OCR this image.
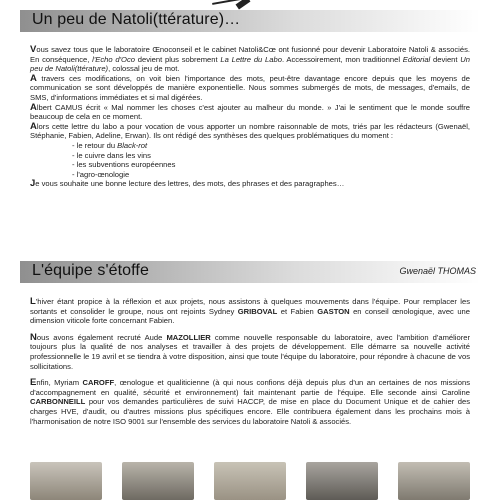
Un peu de Natoli(ttérature)…

Vous savez tous que le laboratoire Œnoconseil et le cabinet Natoli&Cœ ont fusionné pour devenir Laboratoire Natoli & associés. En conséquence, l'Echo d'Oco devient plus sobrement La Lettre du Labo. Accessoirement, mon traditionnel Editorial devient Un peu de Natoli(ttérature), colossal jeu de mot.

A travers ces modifications, on voit bien l'importance des mots, peut-être davantage encore depuis que les moyens de communication se sont développés de manière exponentielle. Nous sommes submergés de mots, de messages, d'emails, de SMS, d'informations immédiates et si mal digérées.

Albert CAMUS écrit « Mal nommer les choses c'est ajouter au malheur du monde. » J'ai le sentiment que le monde souffre beaucoup de cela en ce moment.

Alors cette lettre du labo a pour vocation de vous apporter un nombre raisonnable de mots, triés par les rédacteurs (Gwenaël, Stéphanie, Fabien, Adeline, Erwan). Ils ont rédigé des synthèses des quelques problématiques du moment :

- le retour du Black-rot
- le cuivre dans les vins
- les subventions européennes
- l'agro-œnologie

Je vous souhaite une bonne lecture des lettres, des mots, des phrases et des paragraphes…

L'équipe s'étoffe	Gwenaël THOMAS

L'hiver étant propice à la réflexion et aux projets, nous assistons à quelques mouvements dans l'équipe. Pour remplacer les sortants et consolider le groupe, nous ont rejoints Sydney GRIBOVAL et Fabien GASTON en conseil œnologique, avec une dimension viticole forte concernant Fabien.

Nous avons également recruté Aude MAZOLLIER comme nouvelle responsable du laboratoire, avec l'ambition d'améliorer toujours plus la qualité de nos analyses et travailler à des projets de développement. Elle démarre sa nouvelle activité professionnelle le 19 avril et se tiendra à votre disposition, ainsi que toute l'équipe du laboratoire, pour répondre à chacune de vos sollicitations.

Enfin, Myriam CAROFF, œnologue et qualiticienne (à qui nous confions déjà depuis plus d'un an certaines de nos missions d'accompagnement en qualité, sécurité et environnement) fait maintenant partie de l'équipe. Elle seconde ainsi Caroline CARBONNEILL pour vos demandes particulières de suivi HACCP, de mise en place du Document Unique et de cahier des charges HVE, d'audit, ou d'autres missions plus spécifiques encore. Elle contribuera également dans les prochains mois à l'harmonisation de notre ISO 9001 sur l'ensemble des services du laboratoire Natoli & associés.
